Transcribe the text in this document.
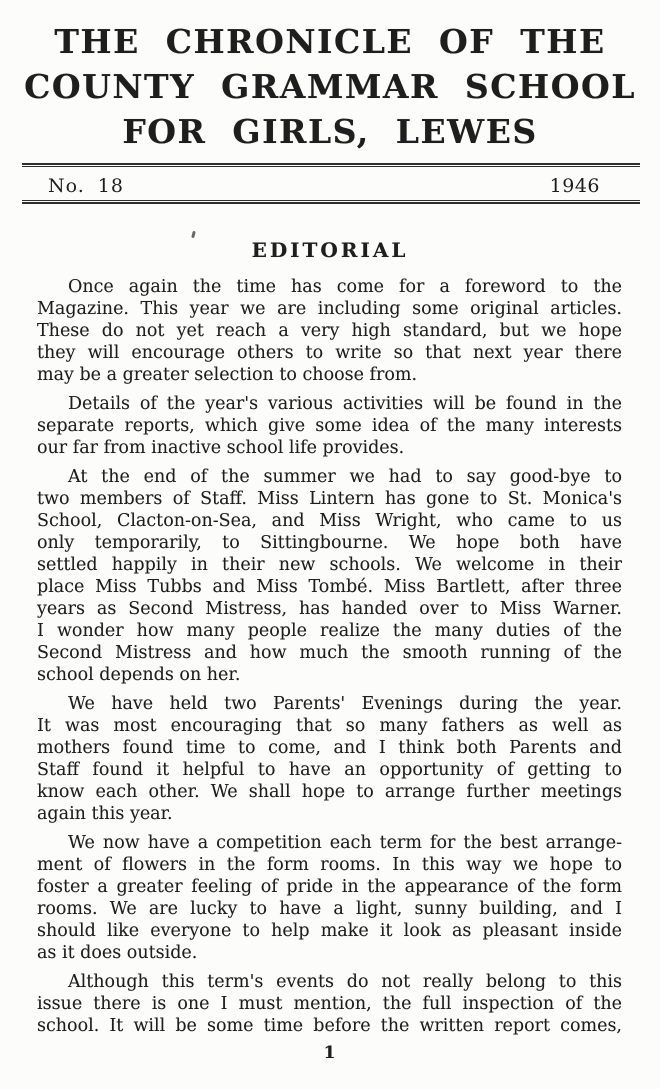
THE CHRONICLE OF THE
COUNTY GRAMMAR SCHOOL
FOR GIRLS, LEWES
No. 18	1946
EDITORIAL
Once again the time has come for a foreword to the
Magazine. This year we are including some original articles.
These do not yet reach a very high standard, but we hope
they will encourage others to write so that next year there
may be a greater selection to choose from.
Details of the year's various activities will be found in the
separate reports, which give some idea of the many interests
our far from inactive school life provides.
At the end of the summer we had to say good-bye to
two members of Staff. Miss Lintern has gone to St. Monica's
School, Clacton-on-Sea, and Miss Wright, who came to us
only temporarily, to Sittingbourne. We hope both have
settled happily in their new schools. We welcome in their
place Miss Tubbs and Miss Tombé. Miss Bartlett, after three
years as Second Mistress, has handed over to Miss Warner.
I wonder how many people realize the many duties of the
Second Mistress and how much the smooth running of the
school depends on her.
We have held two Parents' Evenings during the year.
It was most encouraging that so many fathers as well as
mothers found time to come, and I think both Parents and
Staff found it helpful to have an opportunity of getting to
know each other. We shall hope to arrange further meetings
again this year.
We now have a competition each term for the best arrange-
ment of flowers in the form rooms. In this way we hope to
foster a greater feeling of pride in the appearance of the form
rooms. We are lucky to have a light, sunny building, and I
should like everyone to help make it look as pleasant inside
as it does outside.
Although this term's events do not really belong to this
issue there is one I must mention, the full inspection of the
school. It will be some time before the written report comes,
1
